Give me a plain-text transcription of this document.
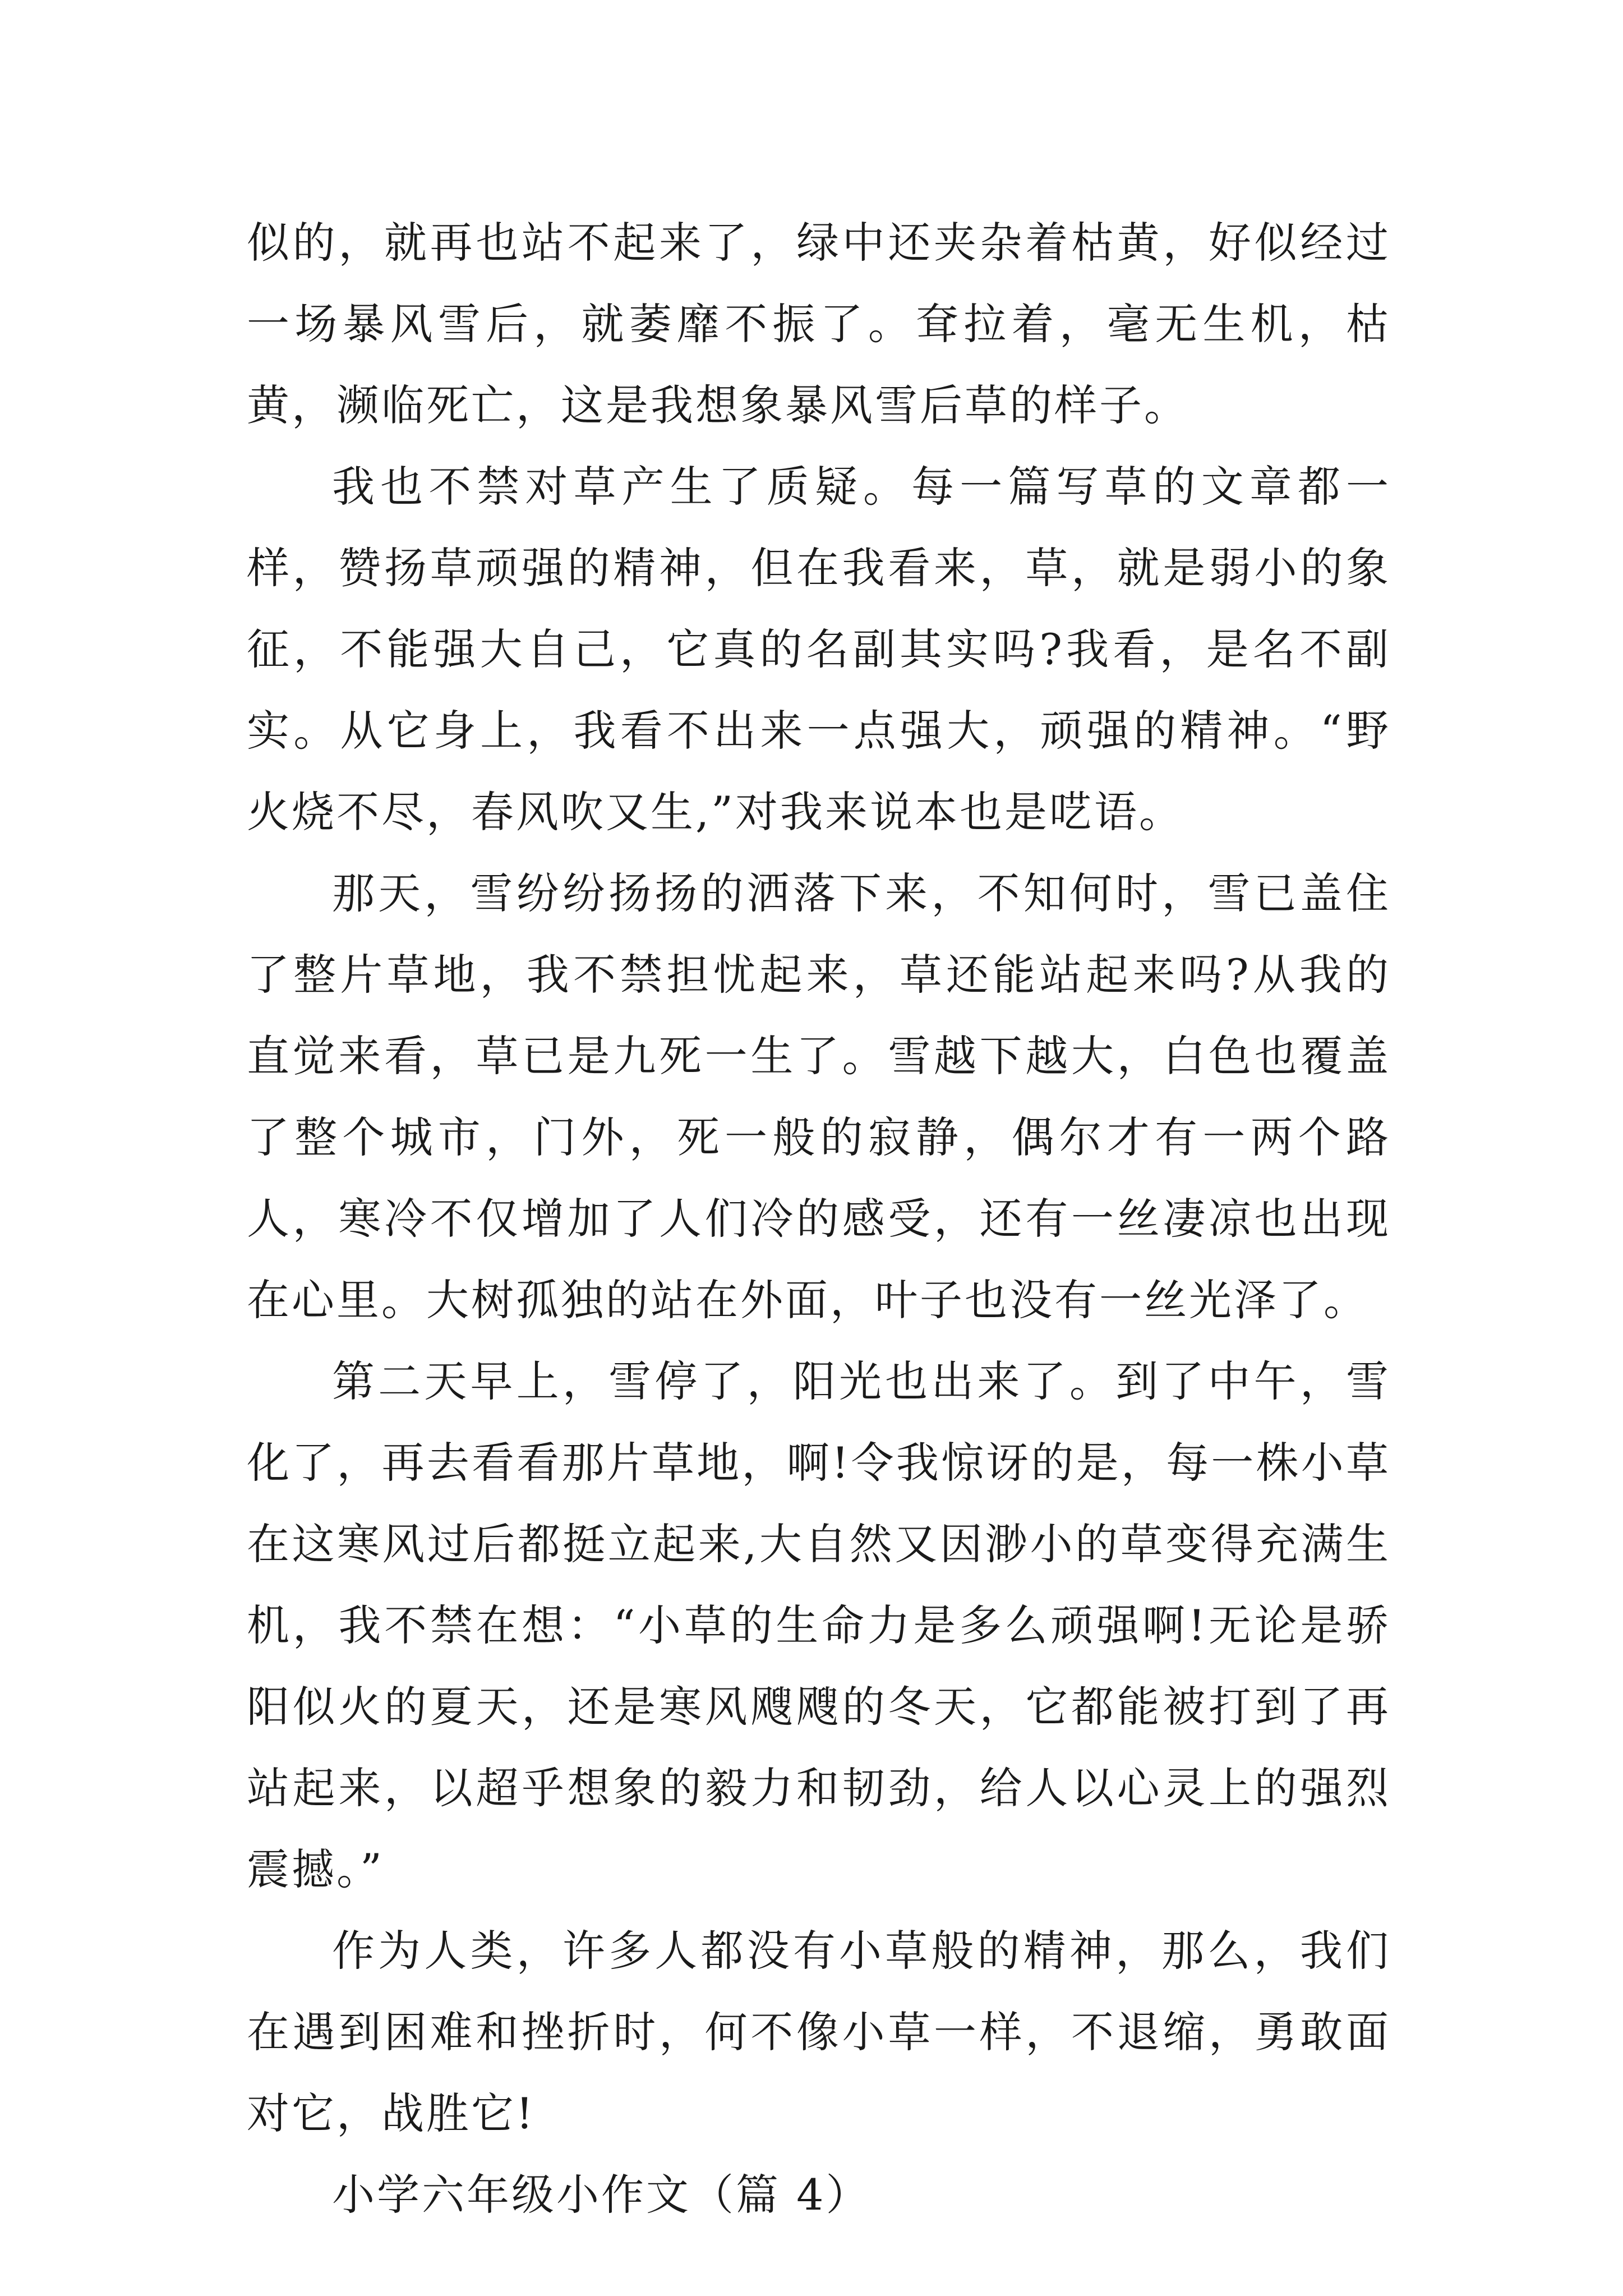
似的，就再也站不起来了，绿中还夹杂着枯黄，好似经过一场暴风雪后，就萎靡不振了。耷拉着，毫无生机，枯黄，濒临死亡，这是我想象暴风雪后草的样子。

我也不禁对草产生了质疑。每一篇写草的文章都一样，赞扬草顽强的精神，但在我看来，草，就是弱小的象征，不能强大自己，它真的名副其实吗?我看，是名不副实。从它身上，我看不出来一点强大，顽强的精神。“野火烧不尽，春风吹又生,”对我来说本也是呓语。

那天，雪纷纷扬扬的洒落下来，不知何时，雪已盖住了整片草地，我不禁担忧起来，草还能站起来吗?从我的直觉来看，草已是九死一生了。雪越下越大，白色也覆盖了整个城市，门外，死一般的寂静，偶尔才有一两个路人，寒冷不仅增加了人们冷的感受，还有一丝凄凉也出现在心里。大树孤独的站在外面，叶子也没有一丝光泽了。

第二天早上，雪停了，阳光也出来了。到了中午，雪化了，再去看看那片草地，啊!令我惊讶的是，每一株小草在这寒风过后都挺立起来,大自然又因渺小的草变得充满生机，我不禁在想：“小草的生命力是多么顽强啊!无论是骄阳似火的夏天，还是寒风飕飕的冬天，它都能被打到了再站起来，以超乎想象的毅力和韧劲，给人以心灵上的强烈震撼。”

作为人类，许多人都没有小草般的精神，那么，我们在遇到困难和挫折时，何不像小草一样，不退缩，勇敢面对它，战胜它!

小学六年级小作文（篇 4）
